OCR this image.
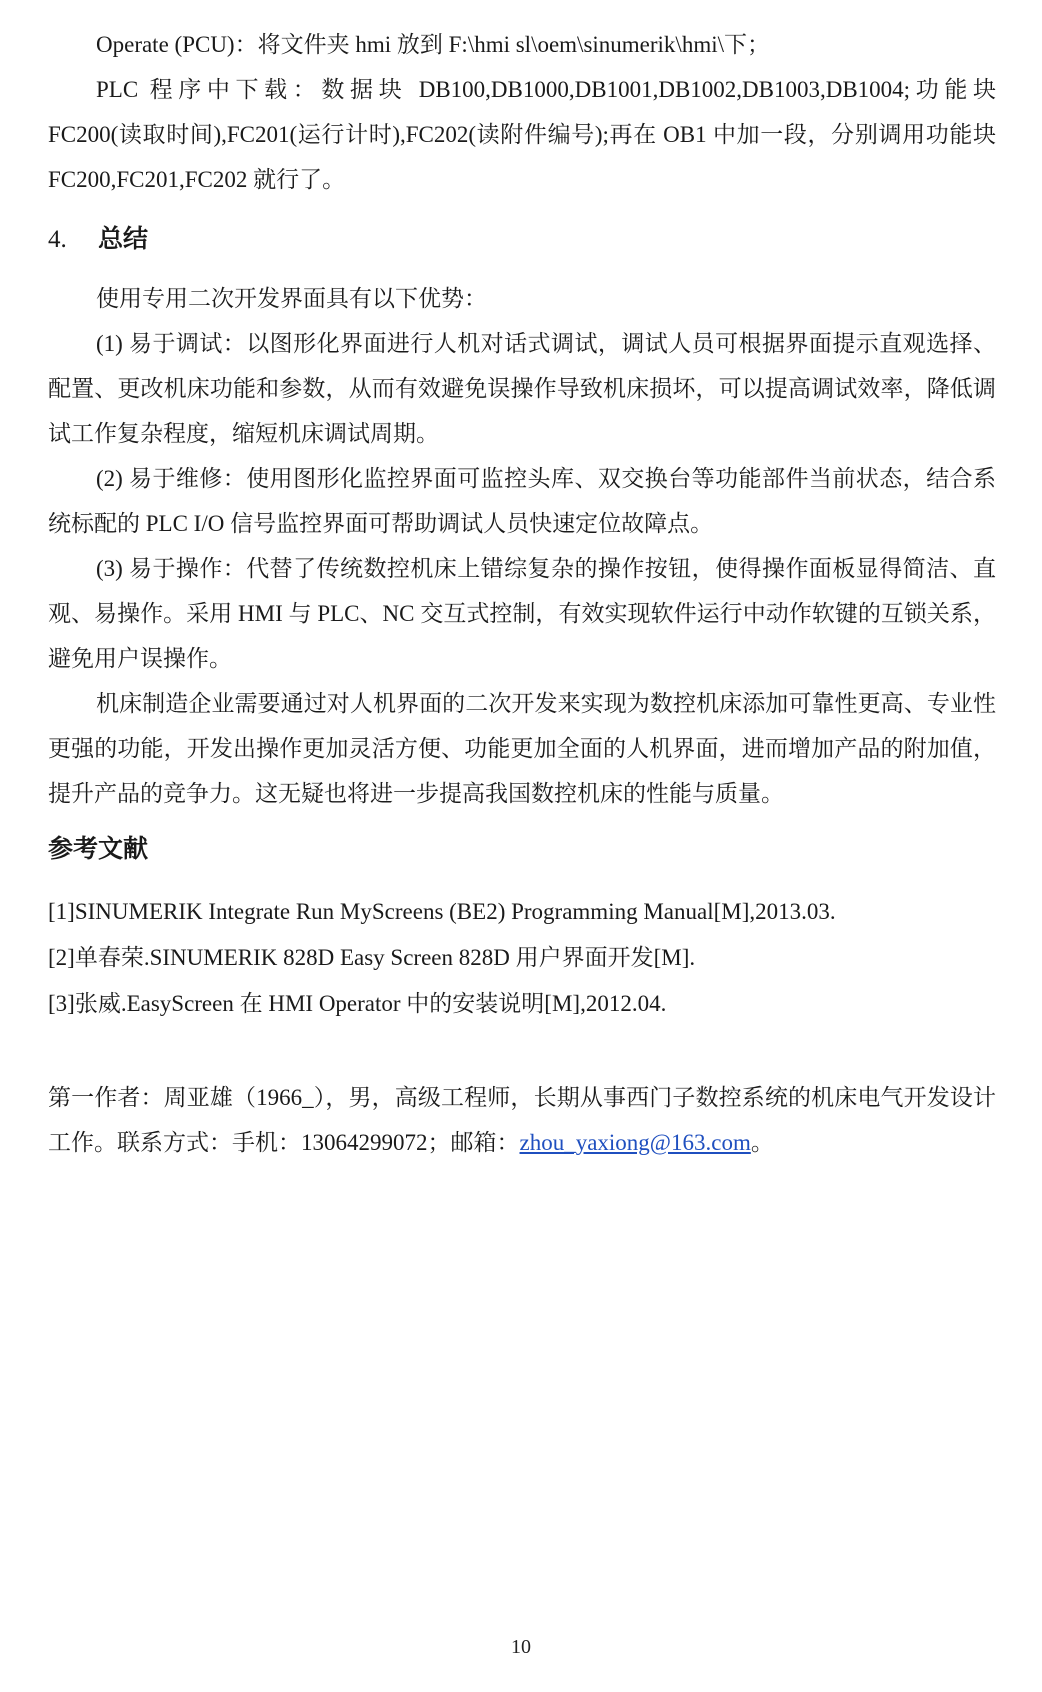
Operate (PCU)：将文件夹 hmi 放到 F:\hmi sl\oem\sinumerik\hmi\下；

PLC 程序中下载：数据块 DB100,DB1000,DB1001,DB1002,DB1003,DB1004;功能块 FC200(读取时间),FC201(运行计时),FC202(读附件编号);再在 OB1 中加一段，分别调用功能块 FC200,FC201,FC202 就行了。

4. 总结

使用专用二次开发界面具有以下优势：

(1) 易于调试：以图形化界面进行人机对话式调试，调试人员可根据界面提示直观选择、配置、更改机床功能和参数，从而有效避免误操作导致机床损坏，可以提高调试效率，降低调试工作复杂程度，缩短机床调试周期。

(2) 易于维修：使用图形化监控界面可监控头库、双交换台等功能部件当前状态，结合系统标配的 PLC I/O 信号监控界面可帮助调试人员快速定位故障点。

(3) 易于操作：代替了传统数控机床上错综复杂的操作按钮，使得操作面板显得简洁、直观、易操作。采用 HMI 与 PLC、NC 交互式控制，有效实现软件运行中动作软键的互锁关系，避免用户误操作。

机床制造企业需要通过对人机界面的二次开发来实现为数控机床添加可靠性更高、专业性更强的功能，开发出操作更加灵活方便、功能更加全面的人机界面，进而增加产品的附加值，提升产品的竞争力。这无疑也将进一步提高我国数控机床的性能与质量。

参考文献

[1]SINUMERIK Integrate Run MyScreens (BE2) Programming Manual[M],2013.03.

[2]单春荣.SINUMERIK 828D Easy Screen 828D 用户界面开发[M].

[3]张威.EasyScreen 在 HMI Operator 中的安装说明[M],2012.04.

第一作者：周亚雄（1966_），男，高级工程师，长期从事西门子数控系统的机床电气开发设计工作。联系方式：手机：13064299072；邮箱：zhou_yaxiong@163.com。

10
